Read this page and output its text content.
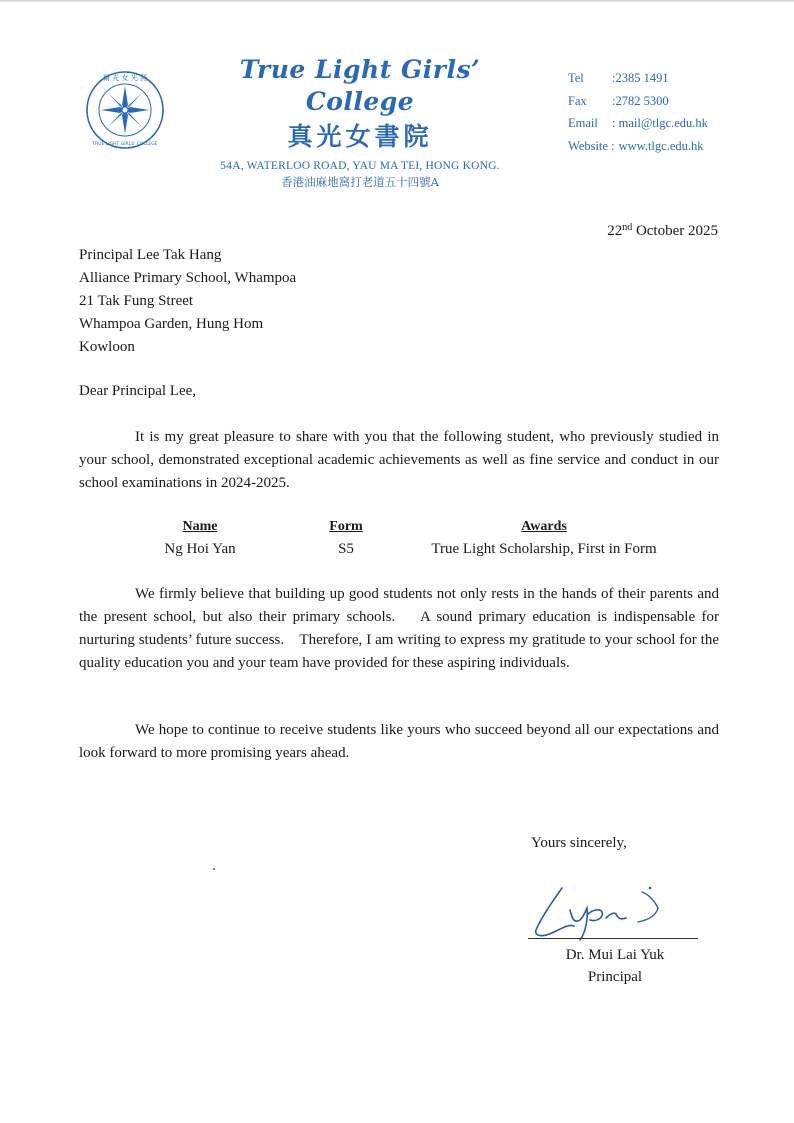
爾 光 女 光 照
TRUE LIGHT GIRLS' COLLEGE
True Light Girls’ College
真光女書院
54A, WATERLOO ROAD, YAU MA TEI, HONG KONG.
香港油麻地窩打老道五十四號A
Tel	:2385 1491
Fax	:2782 5300
Email	: mail@tlgc.edu.hk
Website : www.tlgc.edu.hk
22nd October 2025
Principal Lee Tak Hang
Alliance Primary School, Whampoa
21 Tak Fung Street
Whampoa Garden, Hung Hom
Kowloon
Dear Principal Lee,

It is my great pleasure to share with you that the following student, who previously studied in your school, demonstrated exceptional academic achievements as well as fine service and conduct in our school examinations in 2024-2025.

Name	Form	Awards
Ng Hoi Yan	S5	True Light Scholarship, First in Form

We firmly believe that building up good students not only rests in the hands of their parents and the present school, but also their primary schools.    A sound primary education is indispensable for nurturing students’ future success.    Therefore, I am writing to express my gratitude to your school for the quality education you and your team have provided for these aspiring individuals.

We hope to continue to receive students like yours who succeed beyond all our expectations and look forward to more promising years ahead.

Yours sincerely,
Dr. Mui Lai Yuk
Principal
